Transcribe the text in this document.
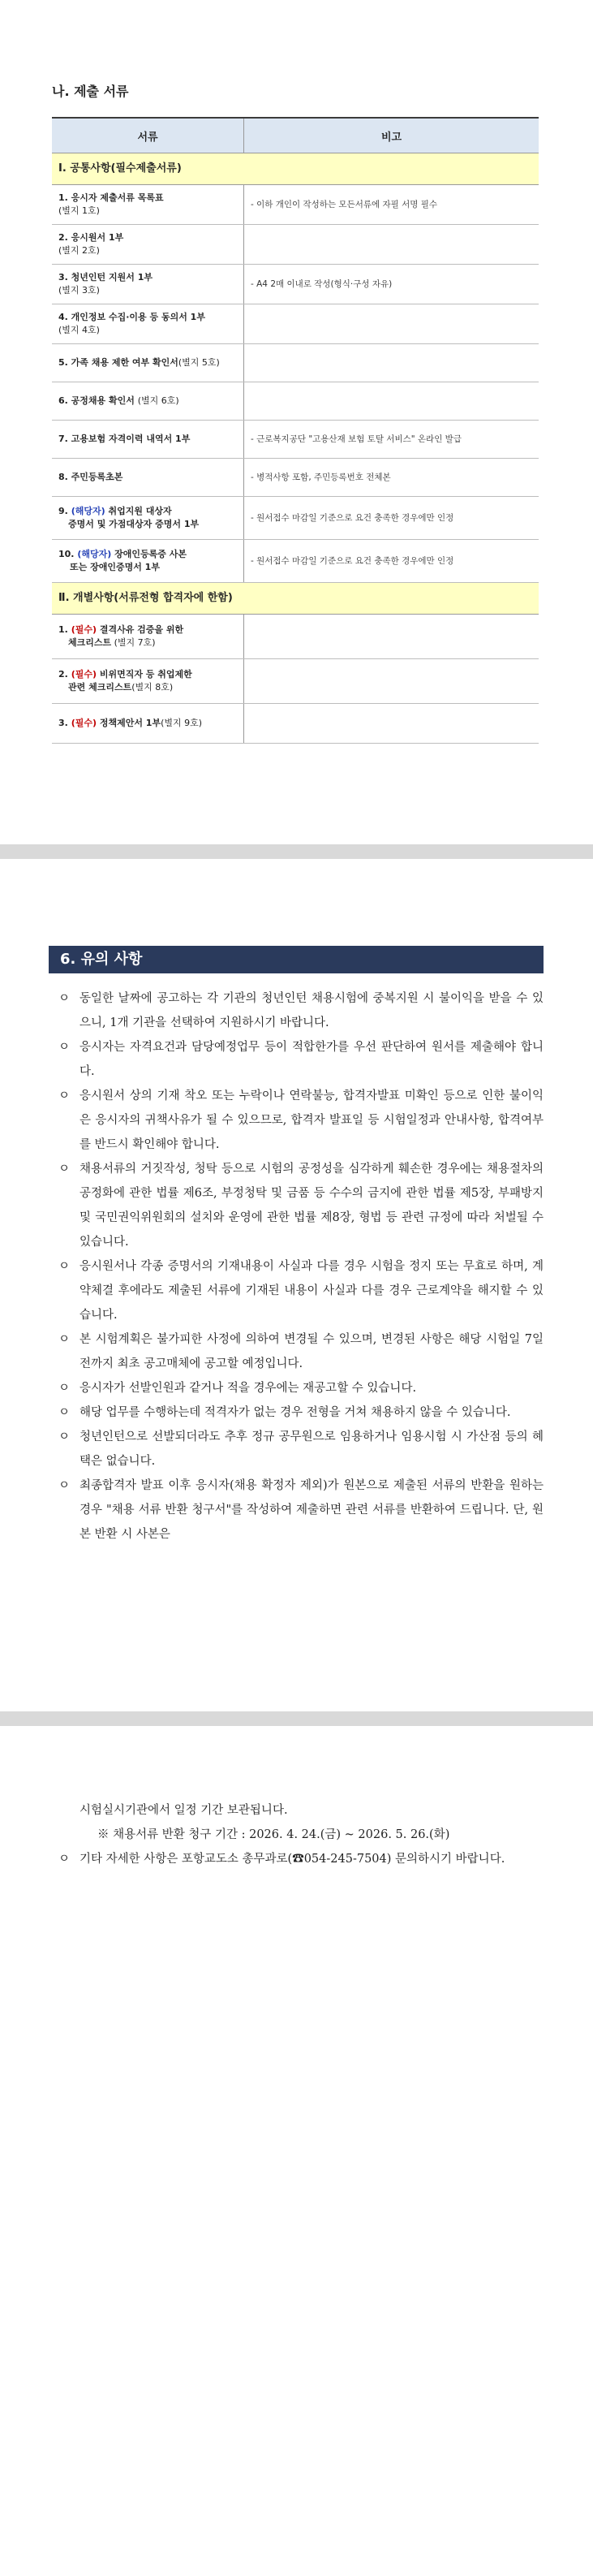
나. 제출 서류
서류	비고
Ⅰ. 공통사항(필수제출서류)	

1. 응시자 제출서류 목록표
(별지 1호)	- 이하 개인이 작성하는 모든서류에 자필 서명 필수

2. 응시원서 1부
(별지 2호)	

3. 청년인턴 지원서 1부
(별지 3호)	- A4 2매 이내로 작성(형식·구성 자유)

4. 개인정보 수집·이용 등 동의서 1부
(별지 4호)	

5. 가족 채용 제한 여부 확인서(별지 5호)	
6. 공정채용 확인서 (별지 6호)	
7. 고용보험 자격이력 내역서 1부	- 근로복지공단 "고용산재 보험 토탈 서비스" 온라인 발급
8. 주민등록초본	- 병적사항 포함, 주민등록번호 전체본

9. (해당자) 취업지원 대상자
증명서 및 가점대상자 증명서 1부	- 원서접수 마감일 기준으로 요건 충족한 경우에만 인정

10. (해당자) 장애인등록증 사본
또는 장애인증명서 1부	- 원서접수 마감일 기준으로 요건 충족한 경우에만 인정
Ⅱ. 개별사항(서류전형 합격자에 한함)	

1. (필수) 결격사유 검증을 위한
체크리스트 (별지 7호)	

2. (필수) 비위면직자 등 취업제한
관련 체크리스트(별지 8호)	

3. (필수) 정책제안서 1부(별지 9호)	
6. 유의 사항
ㅇ 동일한 날짜에 공고하는 각 기관의 청년인턴 채용시험에 중복지원 시 불이익을 받을 수 있으니, 1개 기관을 선택하여 지원하시기 바랍니다.
ㅇ 응시자는 자격요건과 담당예정업무 등이 적합한가를 우선 판단하여 원서를 제출해야 합니다.
ㅇ 응시원서 상의 기재 착오 또는 누락이나 연락불능, 합격자발표 미확인 등으로 인한 불이익은 응시자의 귀책사유가 될 수 있으므로, 합격자 발표일 등 시험일정과 안내사항, 합격여부를 반드시 확인해야 합니다.
ㅇ 채용서류의 거짓작성, 청탁 등으로 시험의 공정성을 심각하게 훼손한 경우에는 채용절차의 공정화에 관한 법률 제6조, 부정청탁 및 금품 등 수수의 금지에 관한 법률 제5장, 부패방지 및 국민권익위원회의 설치와 운영에 관한 법률 제8장, 형법 등 관련 규정에 따라 처벌될 수 있습니다.
ㅇ 응시원서나 각종 증명서의 기재내용이 사실과 다를 경우 시험을 정지 또는 무효로 하며, 계약체결 후에라도 제출된 서류에 기재된 내용이 사실과 다를 경우 근로계약을 해지할 수 있습니다.
ㅇ 본 시험계획은 불가피한 사정에 의하여 변경될 수 있으며, 변경된 사항은 해당 시험일 7일 전까지 최초 공고매체에 공고할 예정입니다.
ㅇ 응시자가 선발인원과 같거나 적을 경우에는 재공고할 수 있습니다.
ㅇ 해당 업무를 수행하는데 적격자가 없는 경우 전형을 거쳐 채용하지 않을 수 있습니다.
ㅇ 청년인턴으로 선발되더라도 추후 정규 공무원으로 임용하거나 임용시험 시 가산점 등의 혜택은 없습니다.
ㅇ 최종합격자 발표 이후 응시자(채용 확정자 제외)가 원본으로 제출된 서류의 반환을 원하는 경우 "채용 서류 반환 청구서"를 작성하여 제출하면 관련 서류를 반환하여 드립니다. 단, 원본 반환 시 사본은
시험실시기관에서 일정 기간 보관됩니다.
※ 채용서류 반환 청구 기간 : 2026. 4. 24.(금) ~ 2026. 5. 26.(화)
ㅇ 기타 자세한 사항은 포항교도소 총무과로(☎054-245-7504) 문의하시기 바랍니다.
